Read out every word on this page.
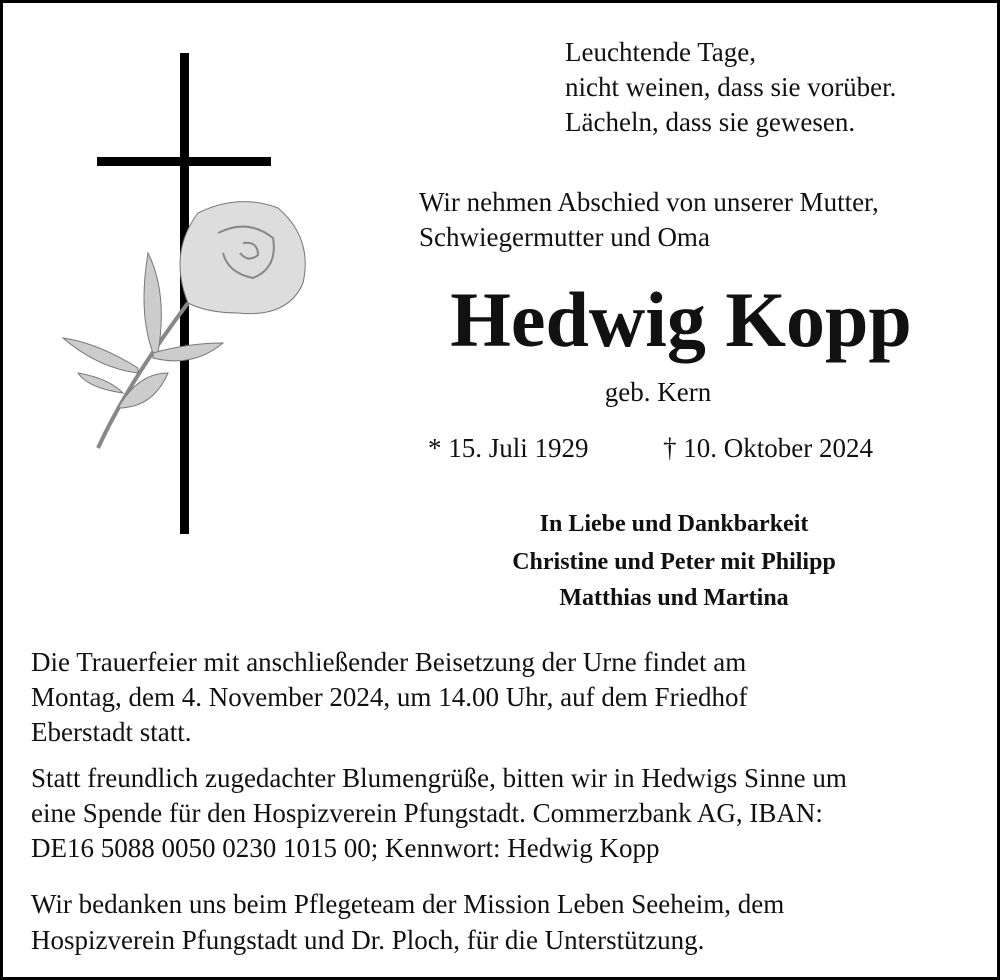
Leuchtende Tage,
nicht weinen, dass sie vorüber.
Lächeln, dass sie gewesen.
Wir nehmen Abschied von unserer Mutter,
Schwiegermutter und Oma
Hedwig Kopp
geb. Kern
* 15. Juli 1929	† 10. Oktober 2024
In Liebe und Dankbarkeit
Christine und Peter mit Philipp
Matthias und Martina
Die Trauerfeier mit anschließender Beisetzung der Urne findet am
Montag, dem 4. November 2024, um 14.00 Uhr, auf dem Friedhof
Eberstadt statt.
Statt freundlich zugedachter Blumengrüße, bitten wir in Hedwigs Sinne um
eine Spende für den Hospizverein Pfungstadt. Commerzbank AG, IBAN:
DE16 5088 0050 0230 1015 00; Kennwort: Hedwig Kopp
Wir bedanken uns beim Pflegeteam der Mission Leben Seeheim, dem
Hospizverein Pfungstadt und Dr. Ploch, für die Unterstützung.
